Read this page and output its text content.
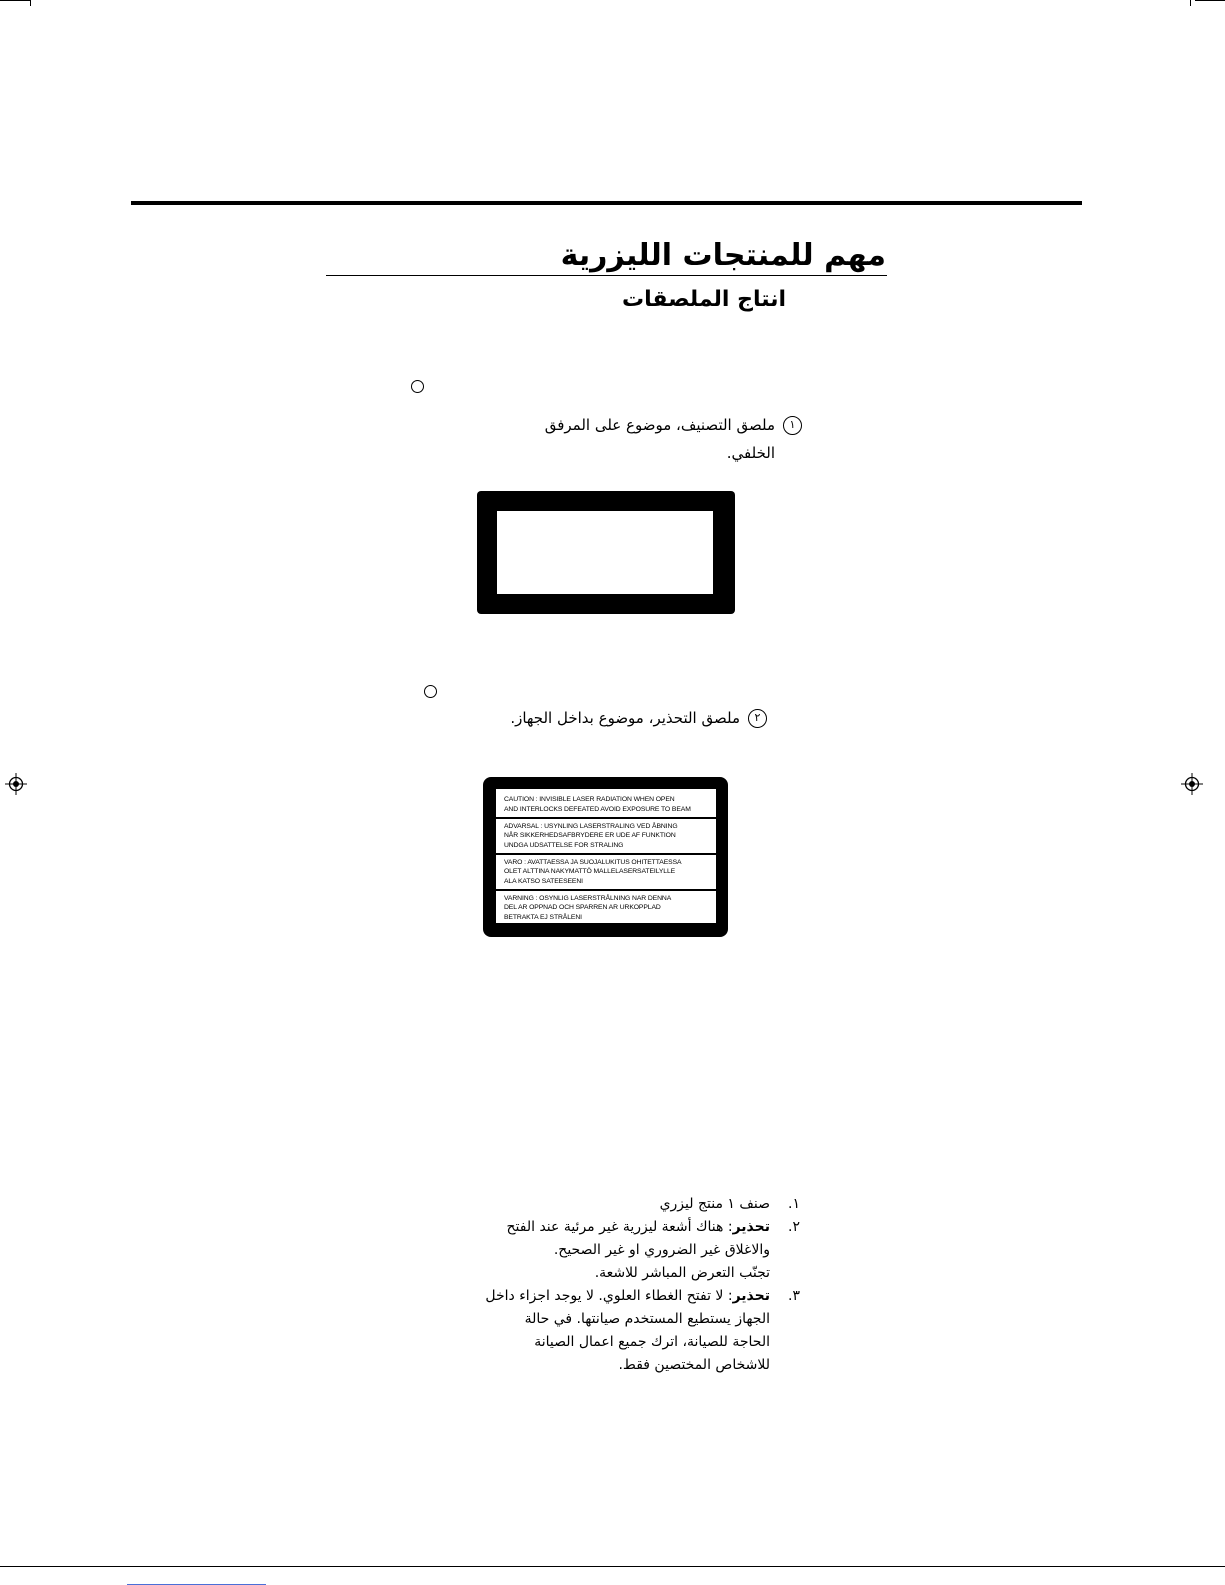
مهم للمنتجات الليزرية
انتاج الملصقات
١ملصق التصنيف، موضوع على المرفق
الخلفي.
٢ملصق التحذير، موضوع بداخل الجهاز.
CAUTION : INVISIBLE LASER RADIATION WHEN OPEN
AND INTERLOCKS DEFEATED AVOID EXPOSURE TO BEAM
ADVARSAL : USYNLING LASERSTRALING VED ÅBNING
NÅR SIKKERHEDSAFBRYDERE ER UDE AF FUNKTION
UNDGA UDSATTELSE FOR STRALING
VARO : AVATTAESSA JA SUOJALUKITUS OHITETTAESSA
OLET ALTTINA NAKYMATTÖ MALLELASERSATEILYLLE
ALA KATSO SATEESEENI
VARNING : OSYNLIG LASERSTRÅLNING NAR DENNA
DEL AR OPPNAD OCH SPARREN AR URKOPPLAD
BETRAKTA EJ STRÅLENI
١.
صنف ١ منتج ليزري
٢.
تحذير: هناك أشعة ليزرية غير مرئية عند الفتح
والاغلاق غير الضروري او غير الصحيح.
تجنّب التعرض المباشر للاشعة.
٣.
تحذير: لا تفتح الغطاء العلوي. لا يوجد اجزاء داخل
الجهاز يستطيع المستخدم صيانتها. في حالة
الحاجة للصيانة، اترك جميع اعمال الصيانة
للاشخاص المختصين فقط.
